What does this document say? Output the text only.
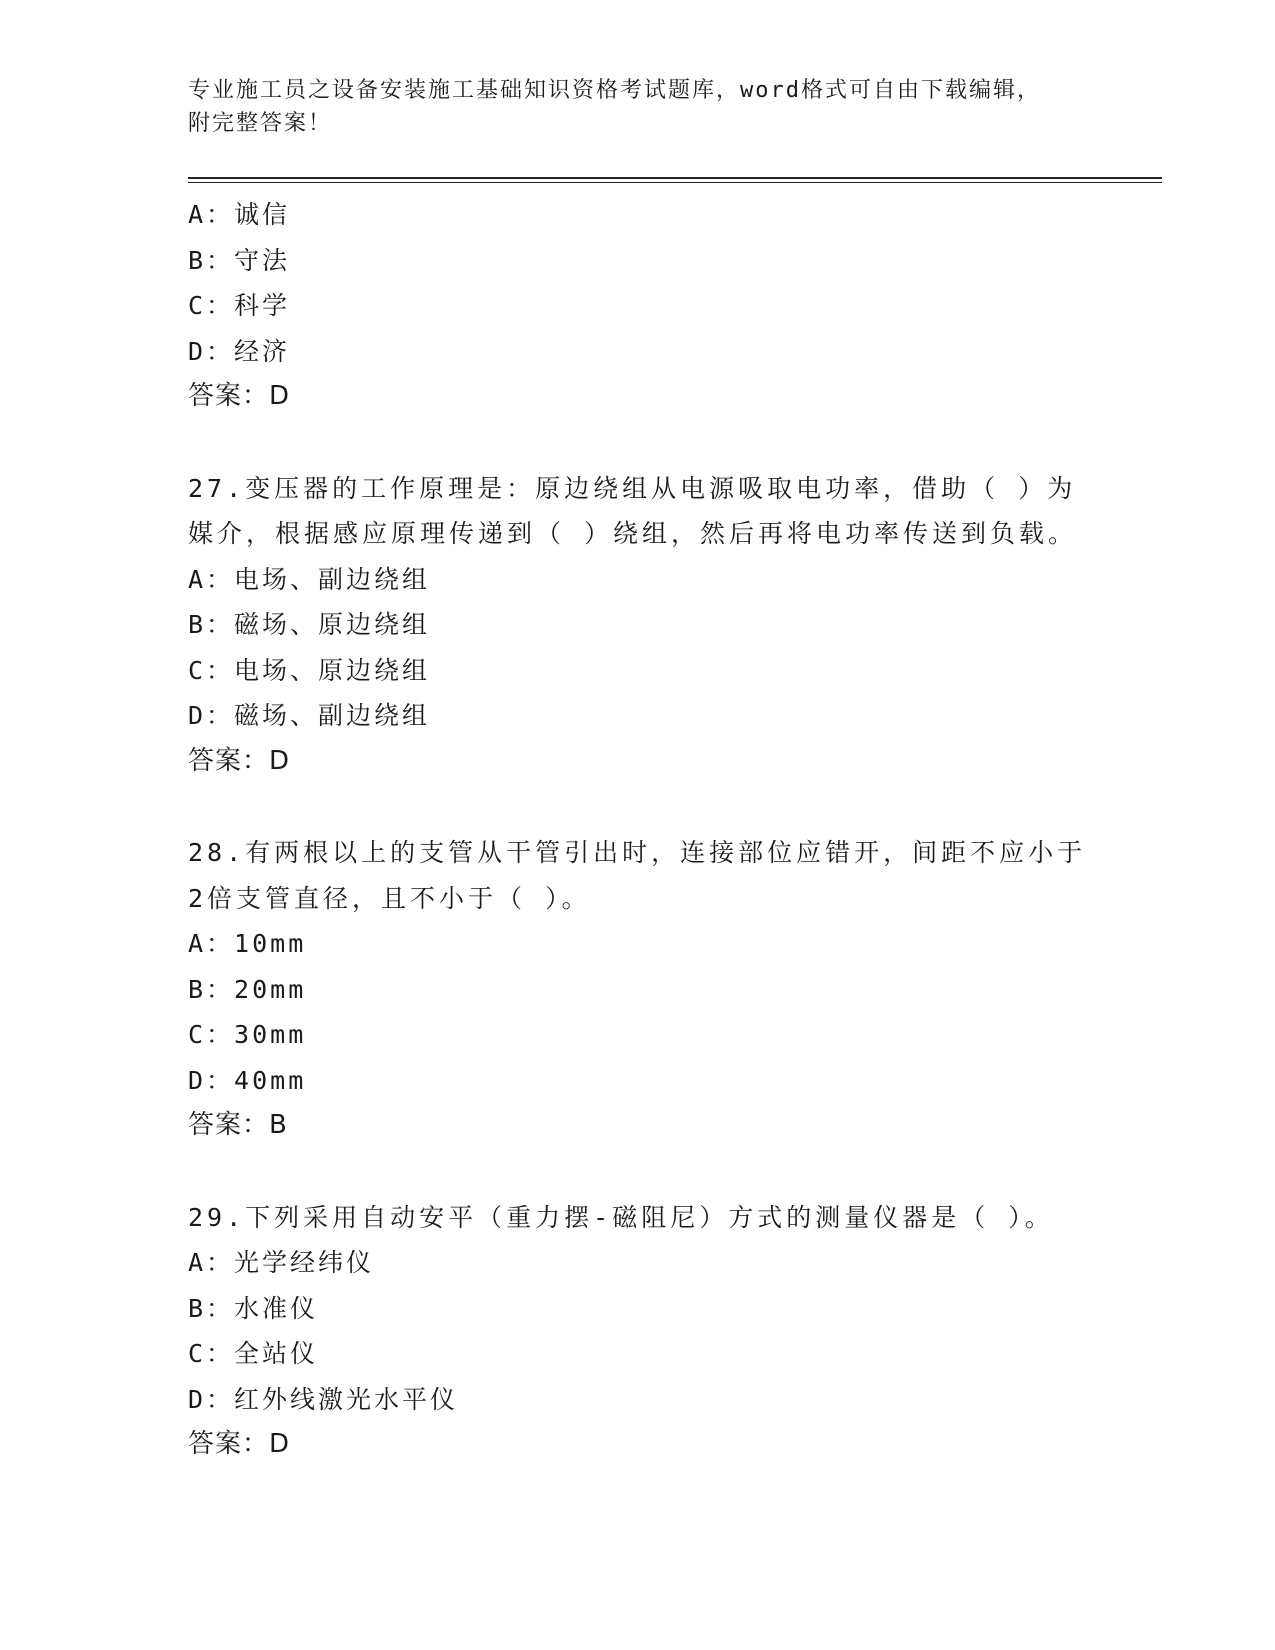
专业施工员之设备安装施工基础知识资格考试题库，word格式可自由下载编辑，
附完整答案！
A：诚信
B：守法
C：科学
D：经济
答案：D
27.变压器的工作原理是：原边绕组从电源吸取电功率，借助（ ）为
媒介，根据感应原理传递到（ ）绕组，然后再将电功率传送到负载。
A：电场、副边绕组
B：磁场、原边绕组
C：电场、原边绕组
D：磁场、副边绕组
答案：D
28.有两根以上的支管从干管引出时，连接部位应错开，间距不应小于
2倍支管直径，且不小于（ ）。
A：10mm
B：20mm
C：30mm
D：40mm
答案：B
29.下列采用自动安平（重力摆-磁阻尼）方式的测量仪器是（ ）。
A：光学经纬仪
B：水准仪
C：全站仪
D：红外线激光水平仪
答案：D
